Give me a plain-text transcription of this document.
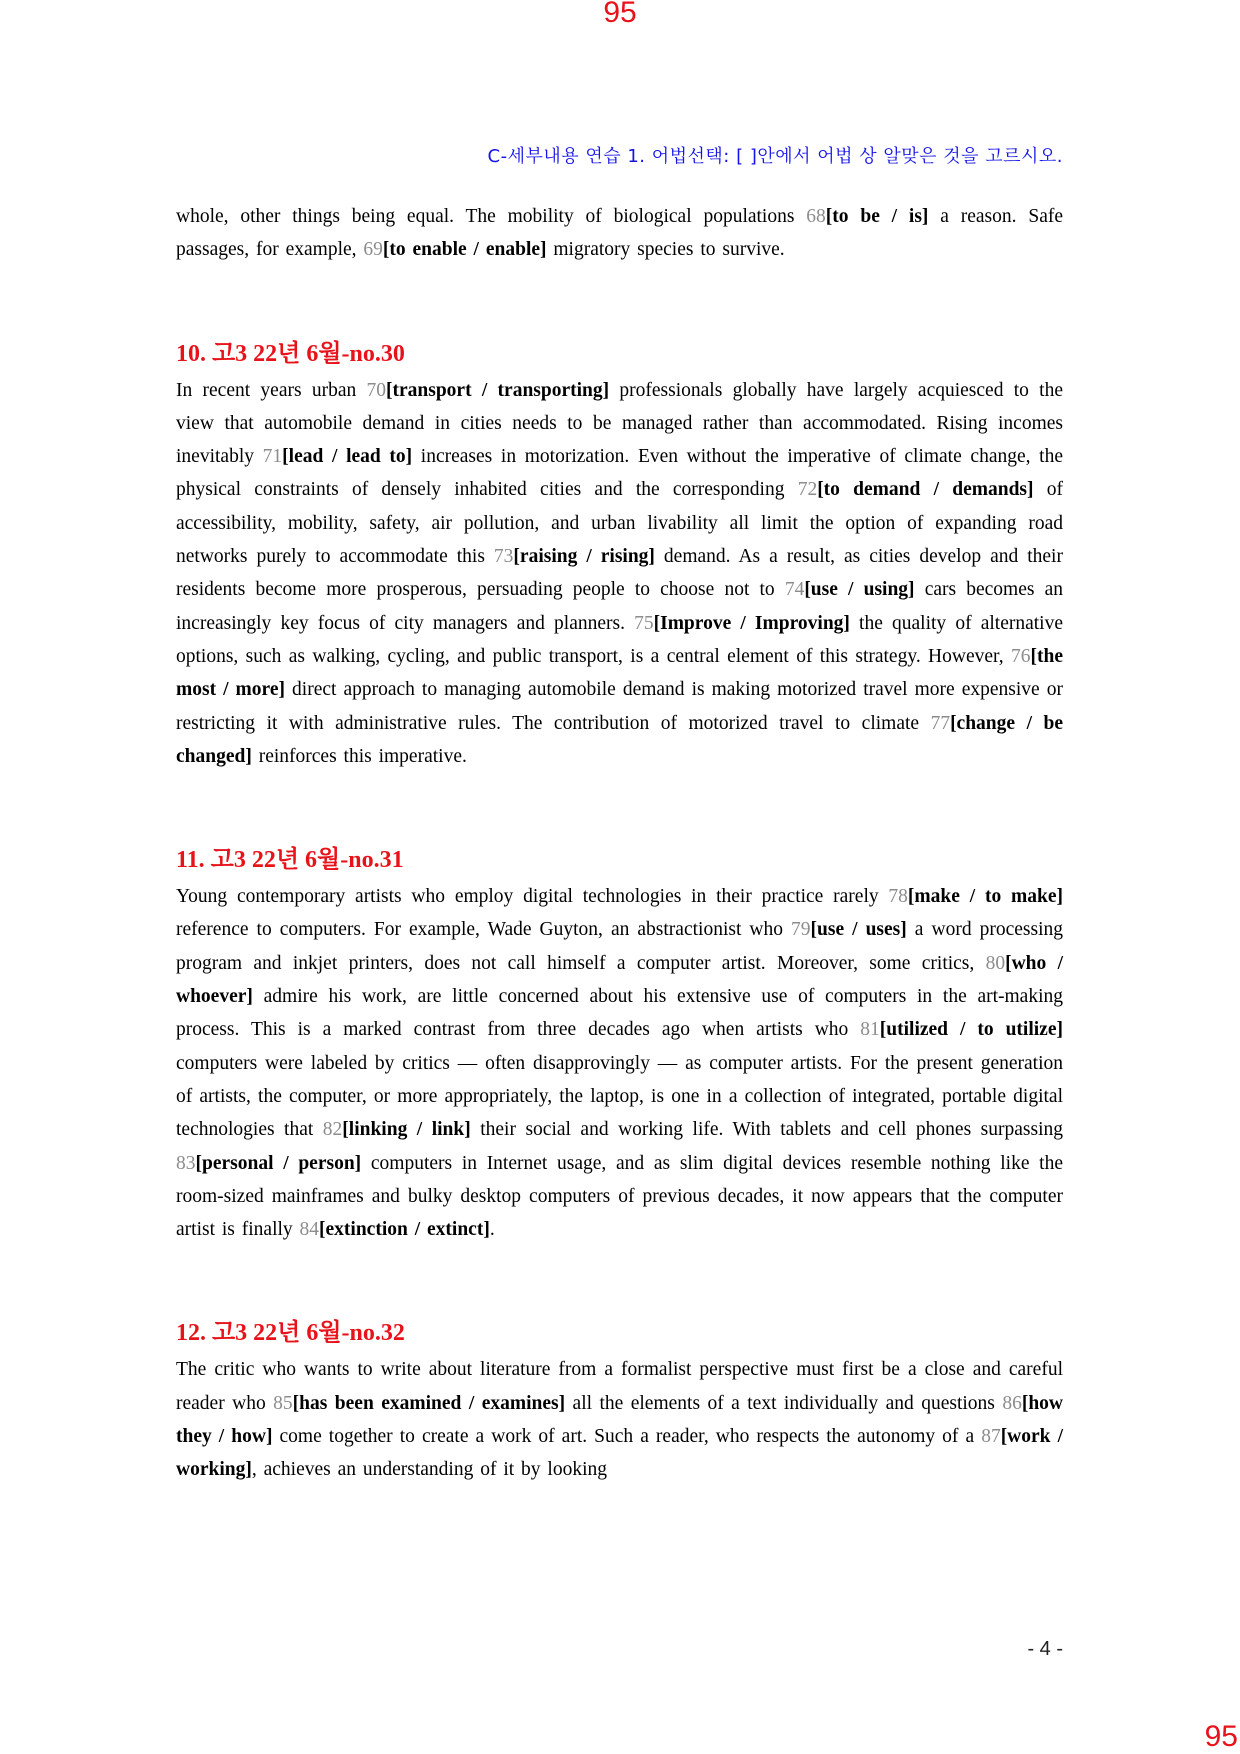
95
C-세부내용 연습 1. 어법선택: [ ]안에서 어법 상 알맞은 것을 고르시오.

whole, other things being equal. The mobility of biological populations 68[to be / is] a reason. Safe passages, for example, 69[to enable / enable] migratory species to survive.

10. 고3 22년 6월-no.30

In recent years urban 70[transport / transporting] professionals globally have largely acquiesced to the view that automobile demand in cities needs to be managed rather than accommodated. Rising incomes inevitably 71[lead / lead to] increases in motorization. Even without the imperative of climate change, the physical constraints of densely inhabited cities and the corresponding 72[to demand / demands] of accessibility, mobility, safety, air pollution, and urban livability all limit the option of expanding road networks purely to accommodate this 73[raising / rising] demand. As a result, as cities develop and their residents become more prosperous, persuading people to choose not to 74[use / using] cars becomes an increasingly key focus of city managers and planners. 75[Improve / Improving] the quality of alternative options, such as walking, cycling, and public transport, is a central element of this strategy. However, 76[the most / more] direct approach to managing automobile demand is making motorized travel more expensive or restricting it with administrative rules. The contribution of motorized travel to climate 77[change / be changed] reinforces this imperative.

11. 고3 22년 6월-no.31

Young contemporary artists who employ digital technologies in their practice rarely 78[make / to make] reference to computers. For example, Wade Guyton, an abstractionist who 79[use / uses] a word processing program and inkjet printers, does not call himself a computer artist. Moreover, some critics, 80[who / whoever] admire his work, are little concerned about his extensive use of computers in the art-making process. This is a marked contrast from three decades ago when artists who 81[utilized / to utilize] computers were labeled by critics — often disapprovingly — as computer artists. For the present generation of artists, the computer, or more appropriately, the laptop, is one in a collection of integrated, portable digital technologies that 82[linking / link] their social and working life. With tablets and cell phones surpassing 83[personal / person] computers in Internet usage, and as slim digital devices resemble nothing like the room-sized mainframes and bulky desktop computers of previous decades, it now appears that the computer artist is finally 84[extinction / extinct].

12. 고3 22년 6월-no.32

The critic who wants to write about literature from a formalist perspective must first be a close and careful reader who 85[has been examined / examines] all the elements of a text individually and questions 86[how they / how] come together to create a work of art. Such a reader, who respects the autonomy of a 87[work / working], achieves an understanding of it by looking

- 4 -
95
